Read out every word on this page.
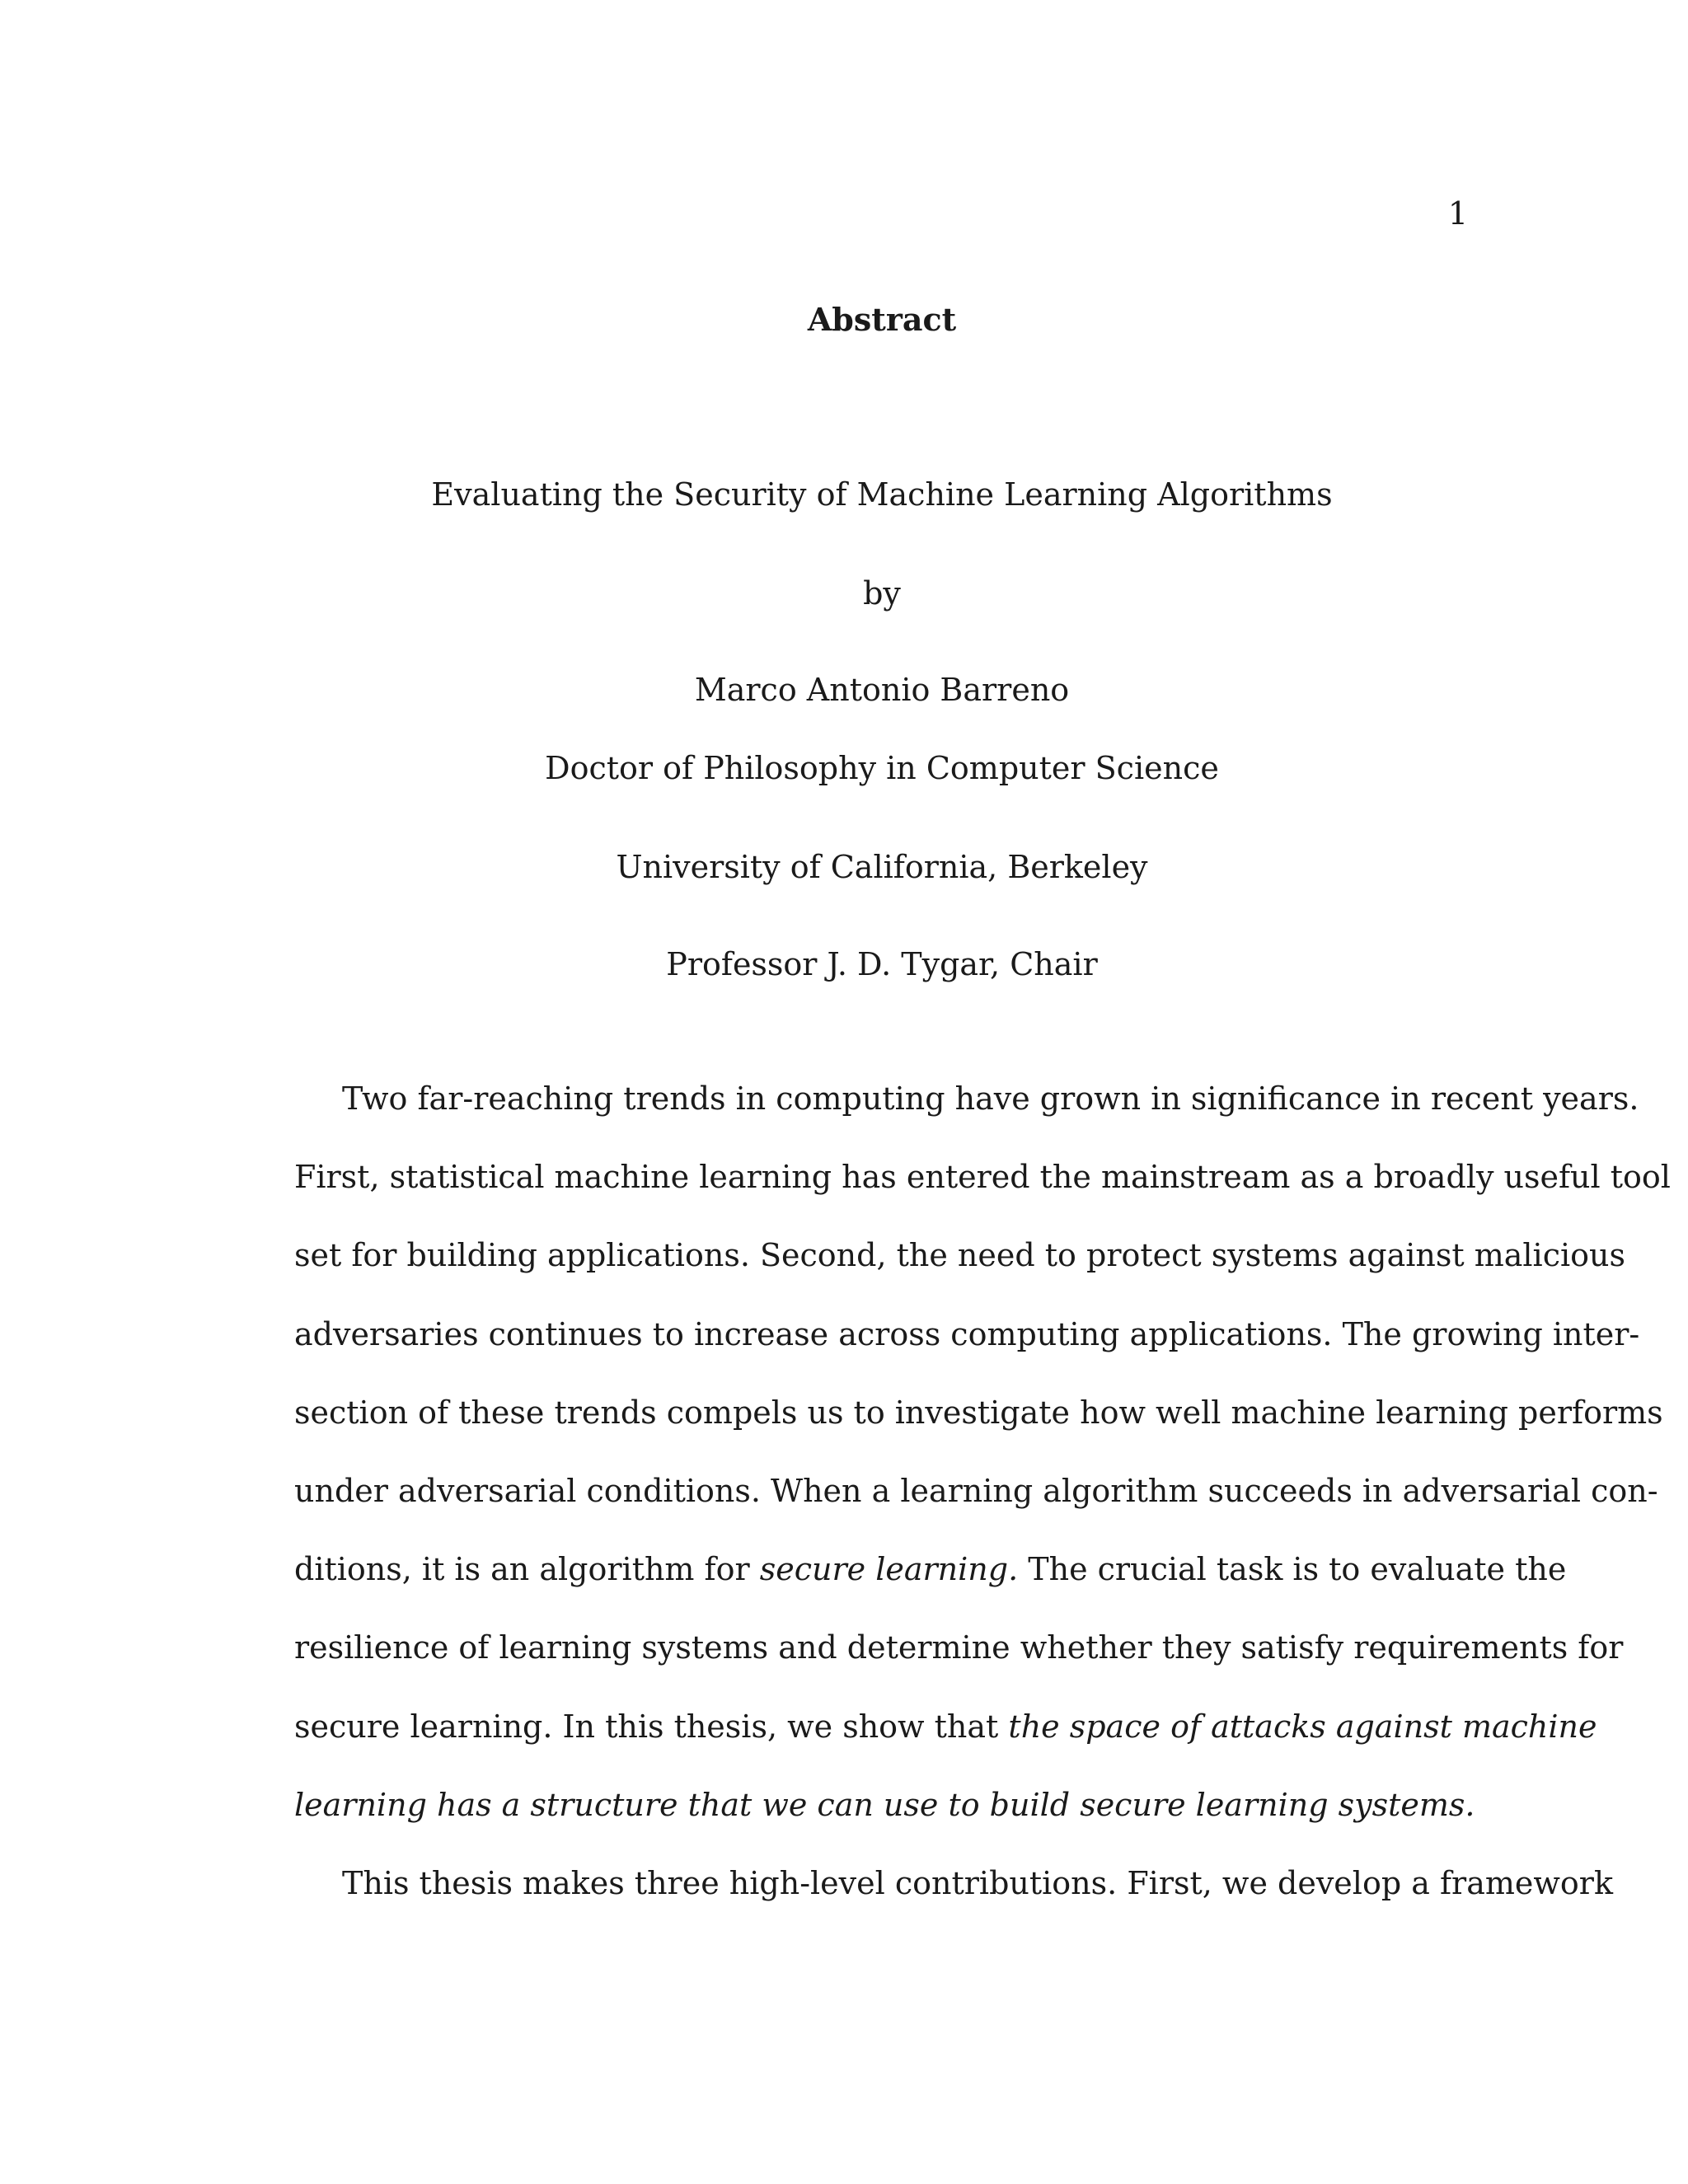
1
Abstract
Evaluating the Security of Machine Learning Algorithms
by
Marco Antonio Barreno
Doctor of Philosophy in Computer Science
University of California, Berkeley
Professor J. D. Tygar, Chair
Two far-reaching trends in computing have grown in significance in recent years.
First, statistical machine learning has entered the mainstream as a broadly useful tool
set for building applications. Second, the need to protect systems against malicious
adversaries continues to increase across computing applications. The growing inter-
section of these trends compels us to investigate how well machine learning performs
under adversarial conditions. When a learning algorithm succeeds in adversarial con-
ditions, it is an algorithm for secure learning. The crucial task is to evaluate the
resilience of learning systems and determine whether they satisfy requirements for
secure learning. In this thesis, we show that the space of attacks against machine
learning has a structure that we can use to build secure learning systems.
This thesis makes three high-level contributions. First, we develop a framework
